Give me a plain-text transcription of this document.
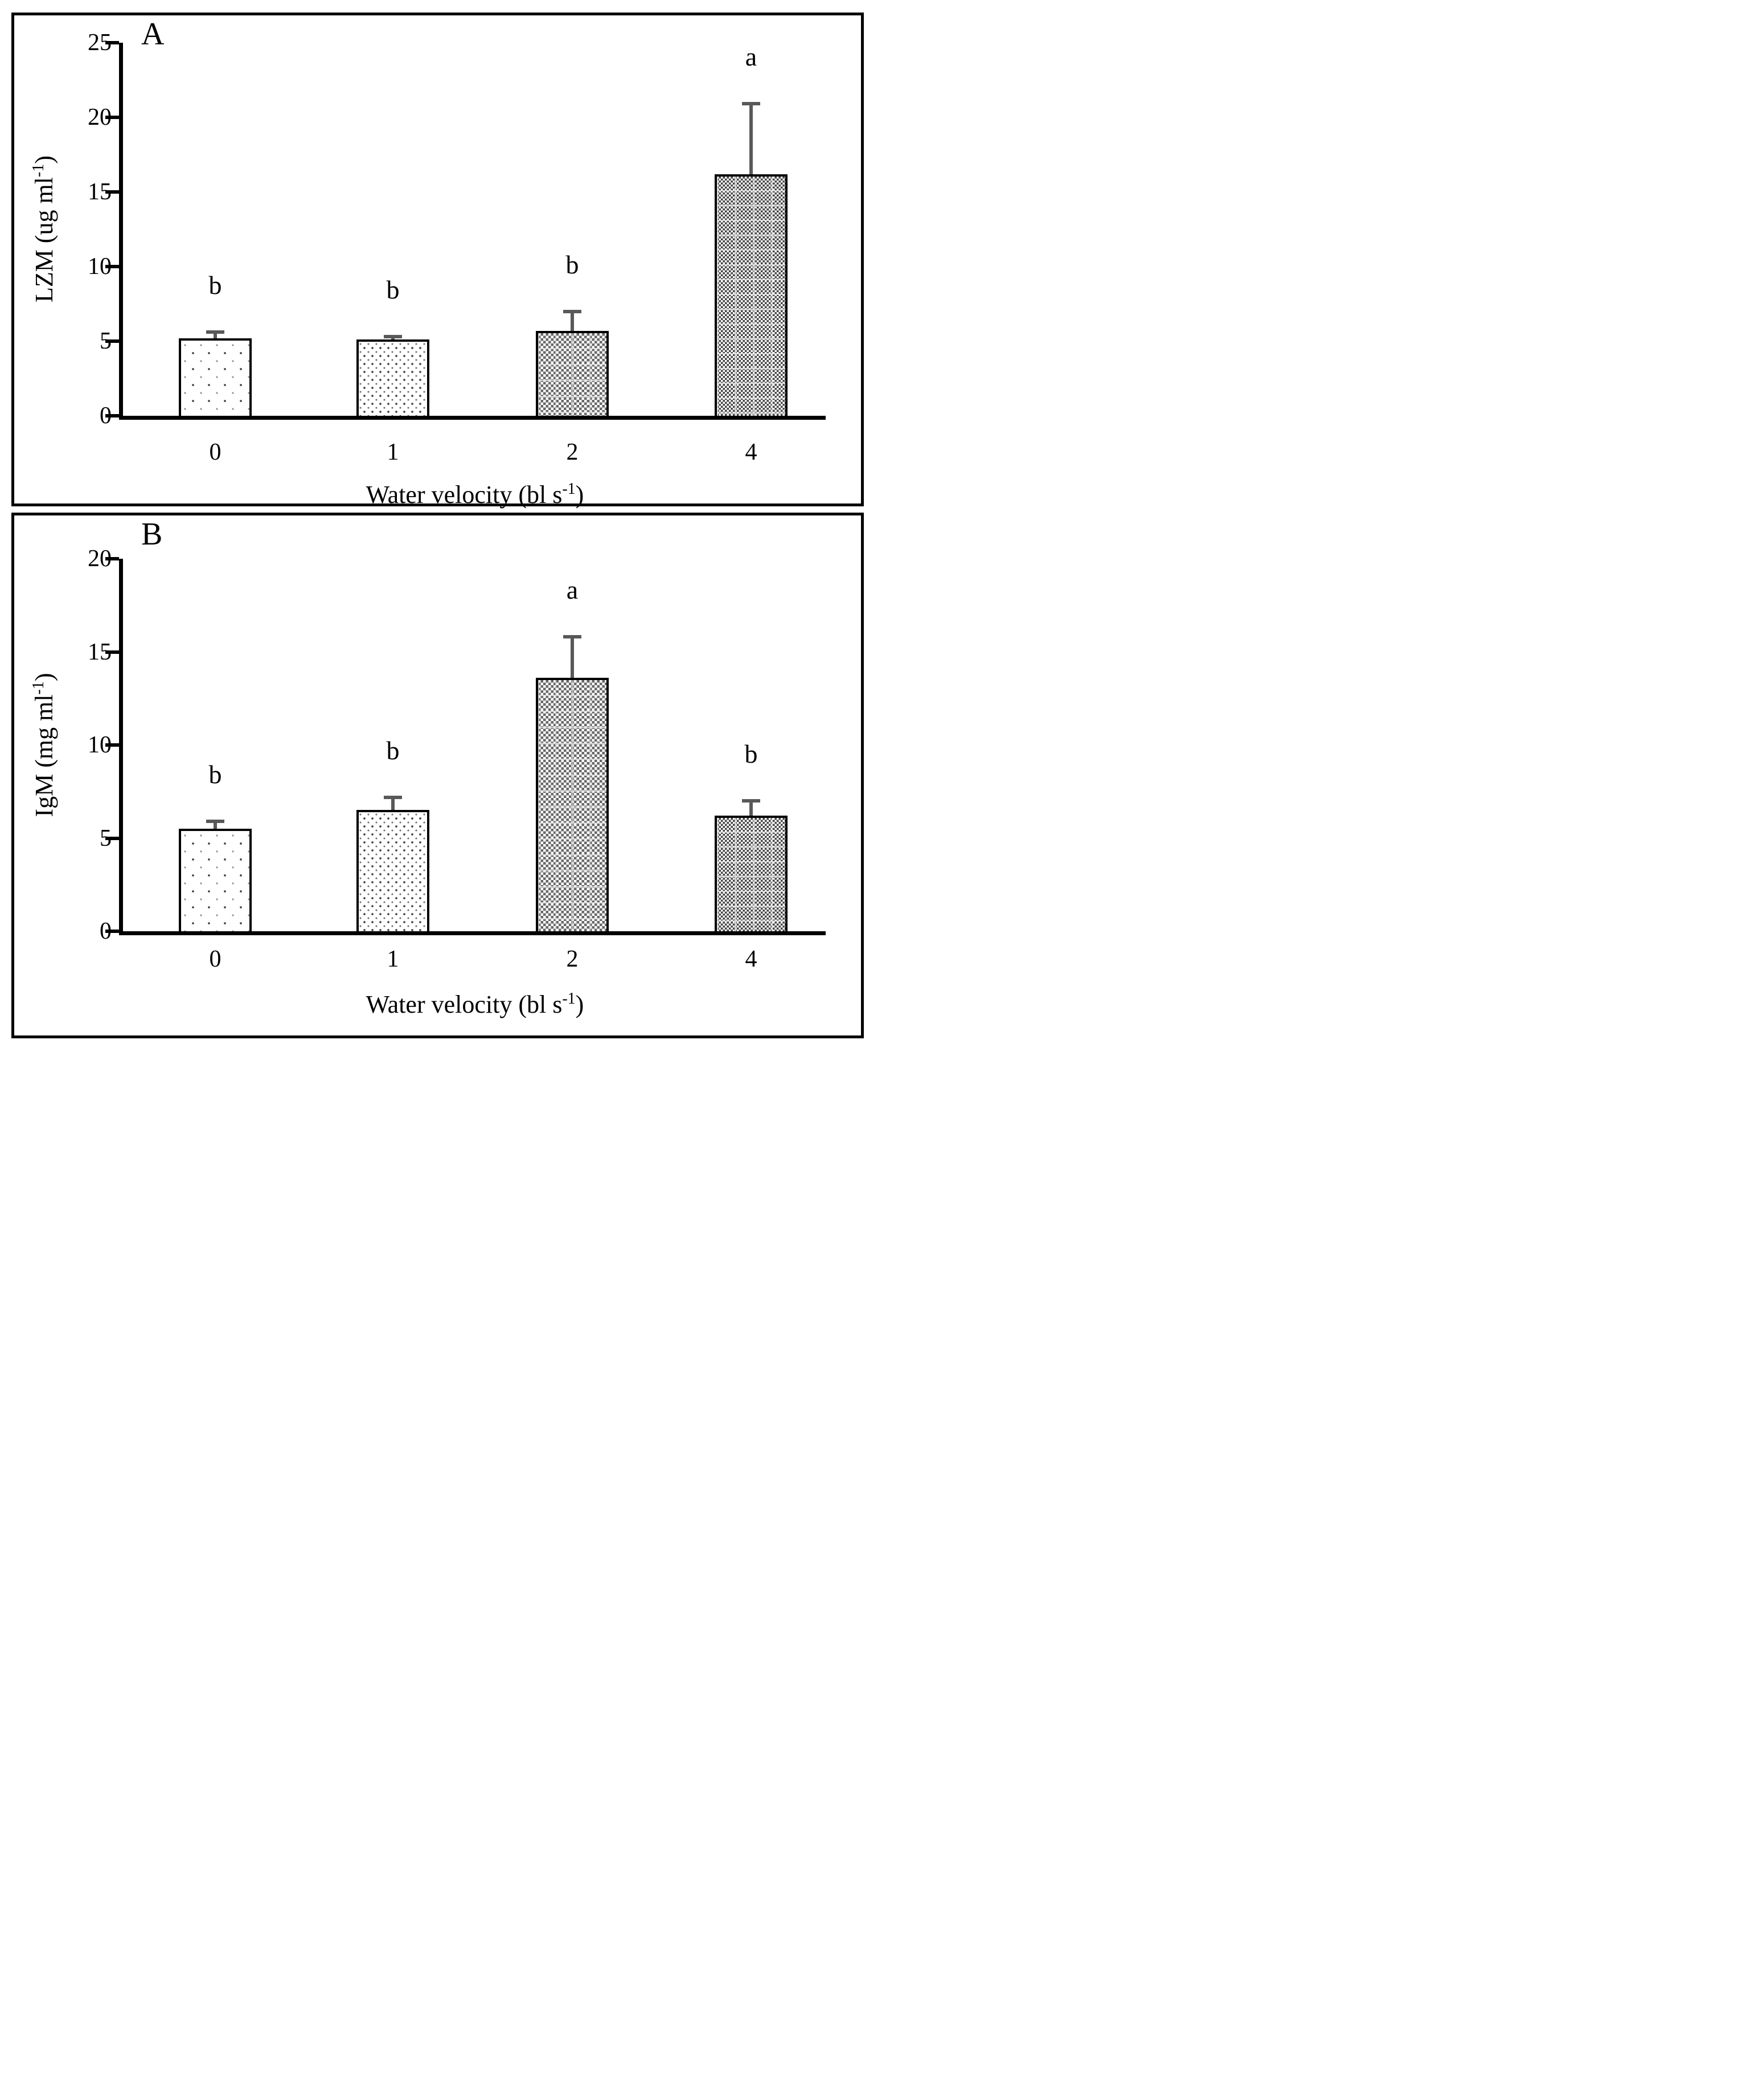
A
B
LZM (ug $ml^{-1}$)
IgM (mg $ml^{-1}$)
Water velocity (bl $s^{-1}$)
Water velocity (bl $s^{-1}$)
b
0
b
1
b
2
a
4
0
5
10
15
20
25
b
0
b
1
a
2
b
4
0
5
10
15
20
